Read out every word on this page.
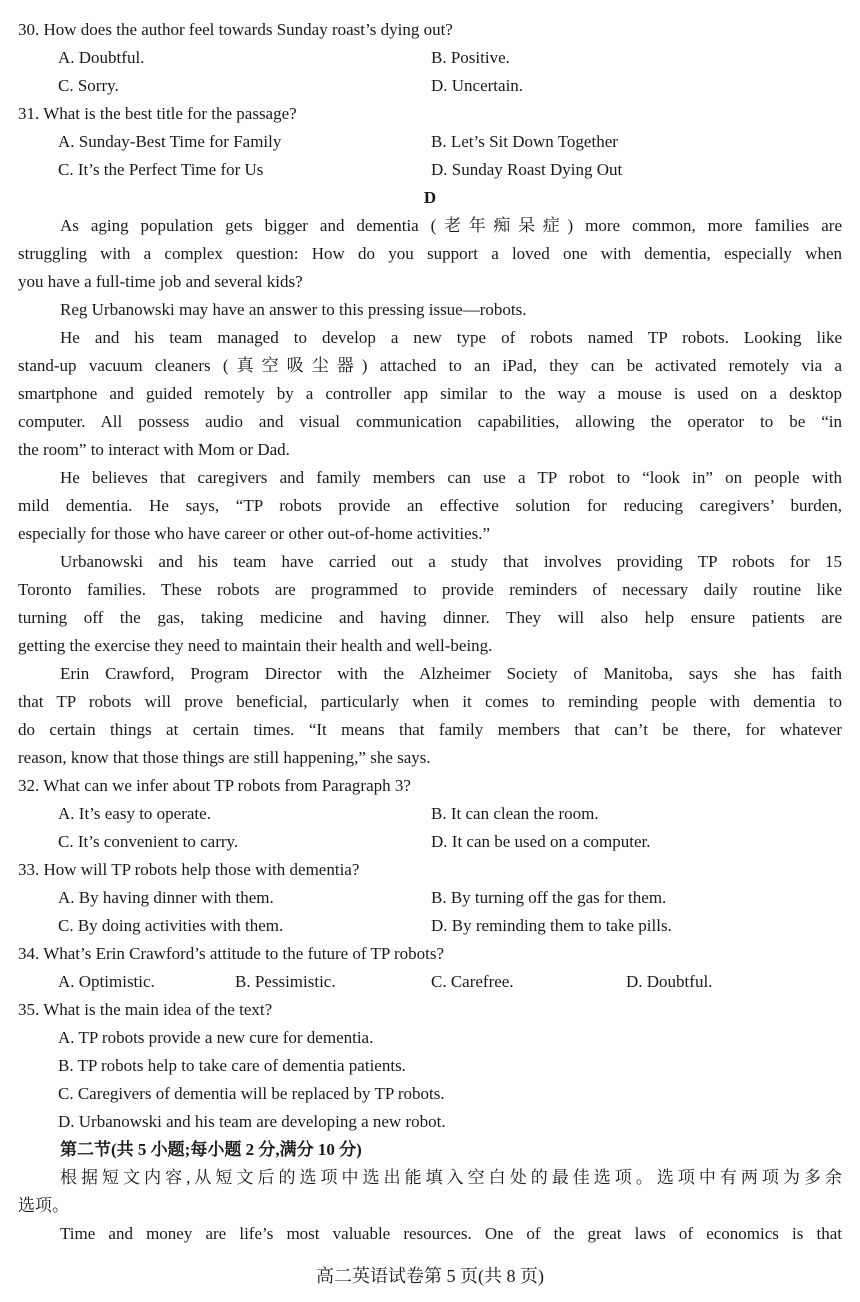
30. How does the author feel towards Sunday roast’s dying out?
A. Doubtful.	B. Positive.
C. Sorry.	D. Uncertain.
31. What is the best title for the passage?
A. Sunday-Best Time for Family	B. Let’s Sit Down Together
C. It’s the Perfect Time for Us	D. Sunday Roast Dying Out
D
As aging population gets bigger and dementia (老年痴呆症) more common, more families are
struggling with a complex question: How do you support a loved one with dementia, especially when
you have a full-time job and several kids?
Reg Urbanowski may have an answer to this pressing issue—robots.
He and his team managed to develop a new type of robots named TP robots. Looking like
stand-up vacuum cleaners (真空吸尘器) attached to an iPad, they can be activated remotely via a
smartphone and guided remotely by a controller app similar to the way a mouse is used on a desktop
computer. All possess audio and visual communication capabilities, allowing the operator to be “in
the room” to interact with Mom or Dad.
He believes that caregivers and family members can use a TP robot to “look in” on people with
mild dementia. He says, “TP robots provide an effective solution for reducing caregivers’ burden,
especially for those who have career or other out-of-home activities.”
Urbanowski and his team have carried out a study that involves providing TP robots for 15
Toronto families. These robots are programmed to provide reminders of necessary daily routine like
turning off the gas, taking medicine and having dinner. They will also help ensure patients are
getting the exercise they need to maintain their health and well-being.
Erin Crawford, Program Director with the Alzheimer Society of Manitoba, says she has faith
that TP robots will prove beneficial, particularly when it comes to reminding people with dementia to
do certain things at certain times. “It means that family members that can’t be there, for whatever
reason, know that those things are still happening,” she says.
32. What can we infer about TP robots from Paragraph 3?
A. It’s easy to operate.	B. It can clean the room.
C. It’s convenient to carry.	D. It can be used on a computer.
33. How will TP robots help those with dementia?
A. By having dinner with them.	B. By turning off the gas for them.
C. By doing activities with them.	D. By reminding them to take pills.
34. What’s Erin Crawford’s attitude to the future of TP robots?
A. Optimistic.	B. Pessimistic.	C. Carefree.	D. Doubtful.
35. What is the main idea of the text?
A. TP robots provide a new cure for dementia.
B. TP robots help to take care of dementia patients.
C. Caregivers of dementia will be replaced by TP robots.
D. Urbanowski and his team are developing a new robot.
第二节(共 5 小题;每小题 2 分,满分 10 分)
根据短文内容,从短文后的选项中选出能填入空白处的最佳选项。选项中有两项为多余
选项。
Time and money are life’s most valuable resources. One of the great laws of economics is that
高二英语试卷第 5 页(共 8 页)
